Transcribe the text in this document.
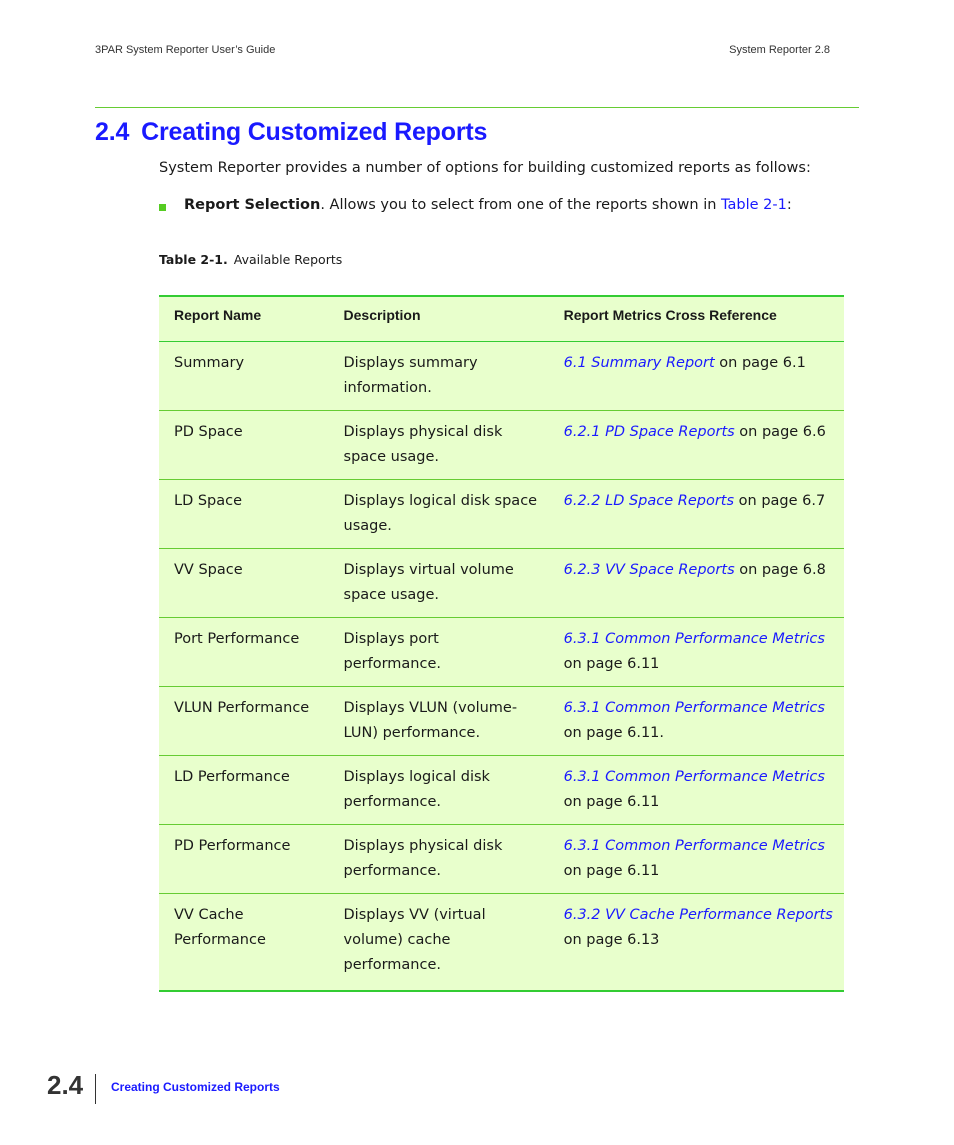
3PAR System Reporter User’s Guide	System Reporter 2.8
2.4 Creating Customized Reports

System Reporter provides a number of options for building customized reports as follows:

Report Selection. Allows you to select from one of the reports shown in Table 2-1:
Table 2-1. Available Reports
Report Name	Description	Report Metrics Cross Reference
Summary	Displays summary information.	6.1 Summary Report on page 6.1
PD Space	Displays physical disk space usage.	6.2.1 PD Space Reports on page 6.6
LD Space	Displays logical disk space usage.	6.2.2 LD Space Reports on page 6.7
VV Space	Displays virtual volume space usage.	6.2.3 VV Space Reports on page 6.8
Port Performance	Displays port performance.	6.3.1 Common Performance Metrics on page 6.11
VLUN Performance	Displays VLUN (volume-LUN) performance.	6.3.1 Common Performance Metrics on page 6.11.
LD Performance	Displays logical disk performance.	6.3.1 Common Performance Metrics on page 6.11
PD Performance	Displays physical disk performance.	6.3.1 Common Performance Metrics on page 6.11
VV Cache Performance	Displays VV (virtual volume) cache performance.	6.3.2 VV Cache Performance Reports on page 6.13
2.4 Creating Customized Reports
